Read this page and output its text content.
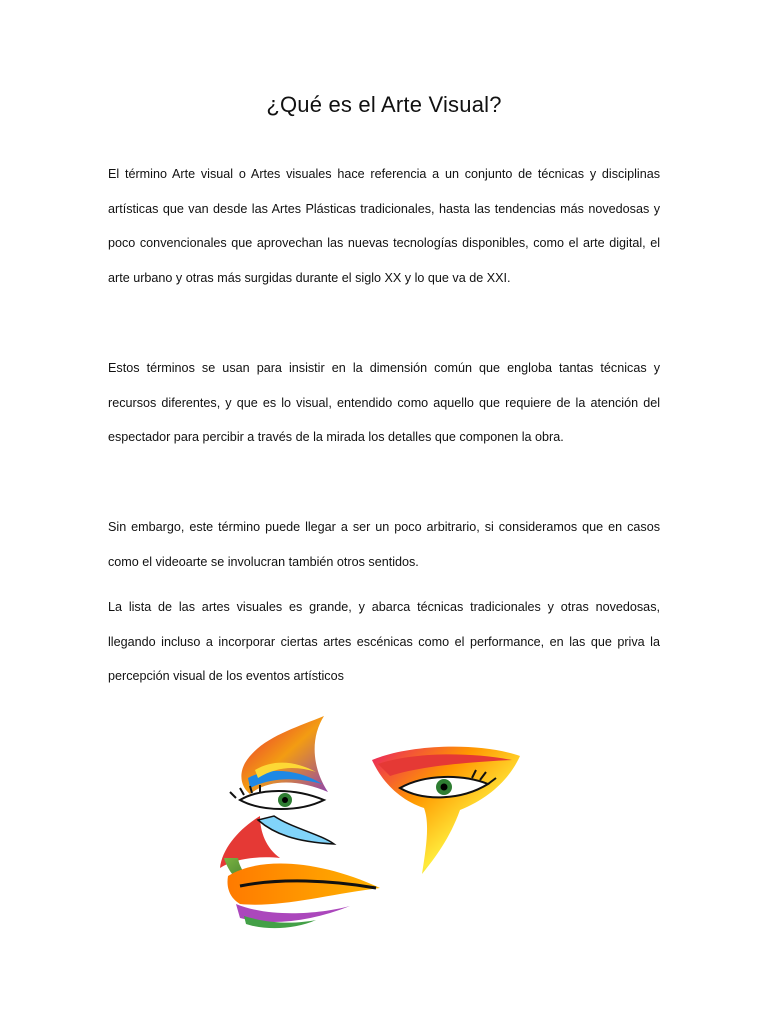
¿Qué es el Arte Visual?

El término Arte visual o Artes visuales hace referencia a un conjunto de técnicas y disciplinas artísticas que van desde las Artes Plásticas tradicionales, hasta las tendencias más novedosas y poco convencionales que aprovechan las nuevas tecnologías disponibles, como el arte digital, el arte urbano y otras más surgidas durante el siglo XX y lo que va de XXI.

Estos términos se usan para insistir en la dimensión común que engloba tantas técnicas y recursos diferentes, y que es lo visual, entendido como aquello que requiere de la atención del espectador para percibir a través de la mirada los detalles que componen la obra.

Sin embargo, este término puede llegar a ser un poco arbitrario, si consideramos que en casos como el videoarte se involucran también otros sentidos.

La lista de las artes visuales es grande, y abarca técnicas tradicionales y otras novedosas, llegando incluso a incorporar ciertas artes escénicas como el performance, en las que priva la percepción visual de los eventos artísticos
